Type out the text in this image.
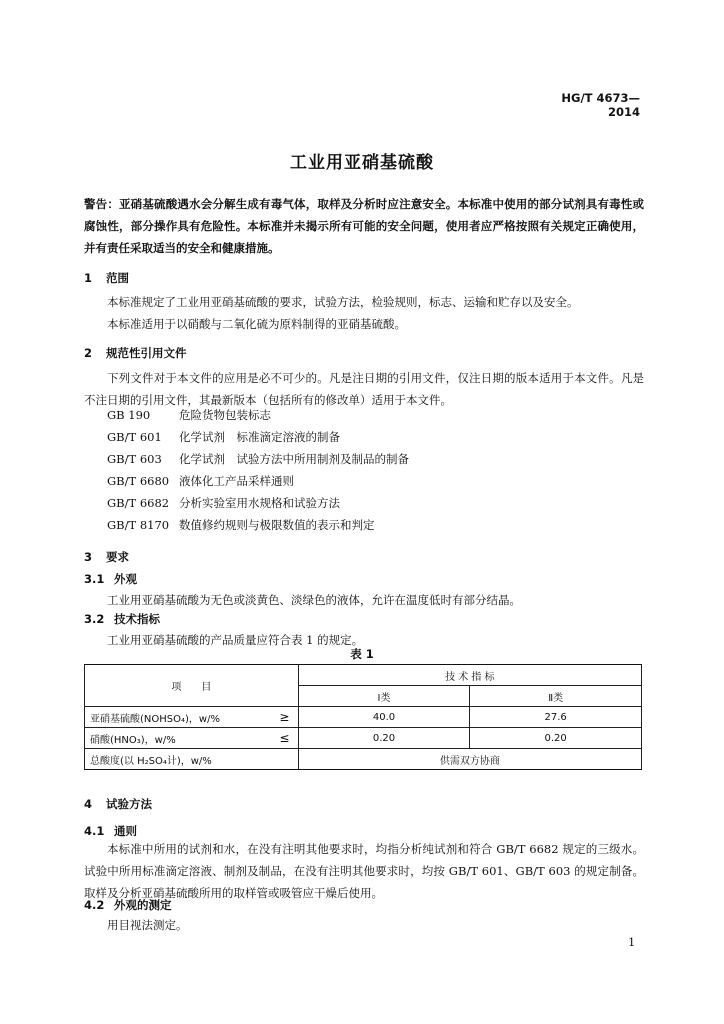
HG/T 4673—2014
工业用亚硝基硫酸
警告：亚硝基硫酸遇水会分解生成有毒气体，取样及分析时应注意安全。本标准中使用的部分试剂具有毒性或腐蚀性，部分操作具有危险性。本标准并未揭示所有可能的安全问题，使用者应严格按照有关规定正确使用，并有责任采取适当的安全和健康措施。
1 范围
本标准规定了工业用亚硝基硫酸的要求，试验方法，检验规则，标志、运输和贮存以及安全。
本标准适用于以硝酸与二氧化硫为原料制得的亚硝基硫酸。
2 规范性引用文件
下列文件对于本文件的应用是必不可少的。凡是注日期的引用文件，仅注日期的版本适用于本文件。凡是不注日期的引用文件，其最新版本（包括所有的修改单）适用于本文件。
GB 190	危险货物包装标志
GB/T 601 化学试剂　标准滴定溶液的制备
GB/T 603 化学试剂　试验方法中所用制剂及制品的制备
GB/T 6680 液体化工产品采样通则
GB/T 6682 分析实验室用水规格和试验方法
GB/T 8170 数值修约规则与极限数值的表示和判定
3 要求
3.1 外观
工业用亚硝基硫酸为无色或淡黄色、淡绿色的液体，允许在温度低时有部分结晶。
3.2 技术指标
工业用亚硝基硫酸的产品质量应符合表 1 的规定。
表 1
项　　目		技 术 指 标	
		Ⅰ类	Ⅱ类
亚硝基硫酸(NOHSO₄)，w/%	≥	40.0	27.6
硝酸(HNO₃)，w/%	≤	0.20	0.20
总酸度(以 H₂SO₄计)，w/%		供需双方协商	
4 试验方法
4.1 通则
本标准中所用的试剂和水，在没有注明其他要求时，均指分析纯试剂和符合 GB/T 6682 规定的三级水。试验中所用标准滴定溶液、制剂及制品，在没有注明其他要求时，均按 GB/T 601、GB/T 603 的规定制备。取样及分析亚硝基硫酸所用的取样管或吸管应干燥后使用。
4.2 外观的测定
用目视法测定。
1
